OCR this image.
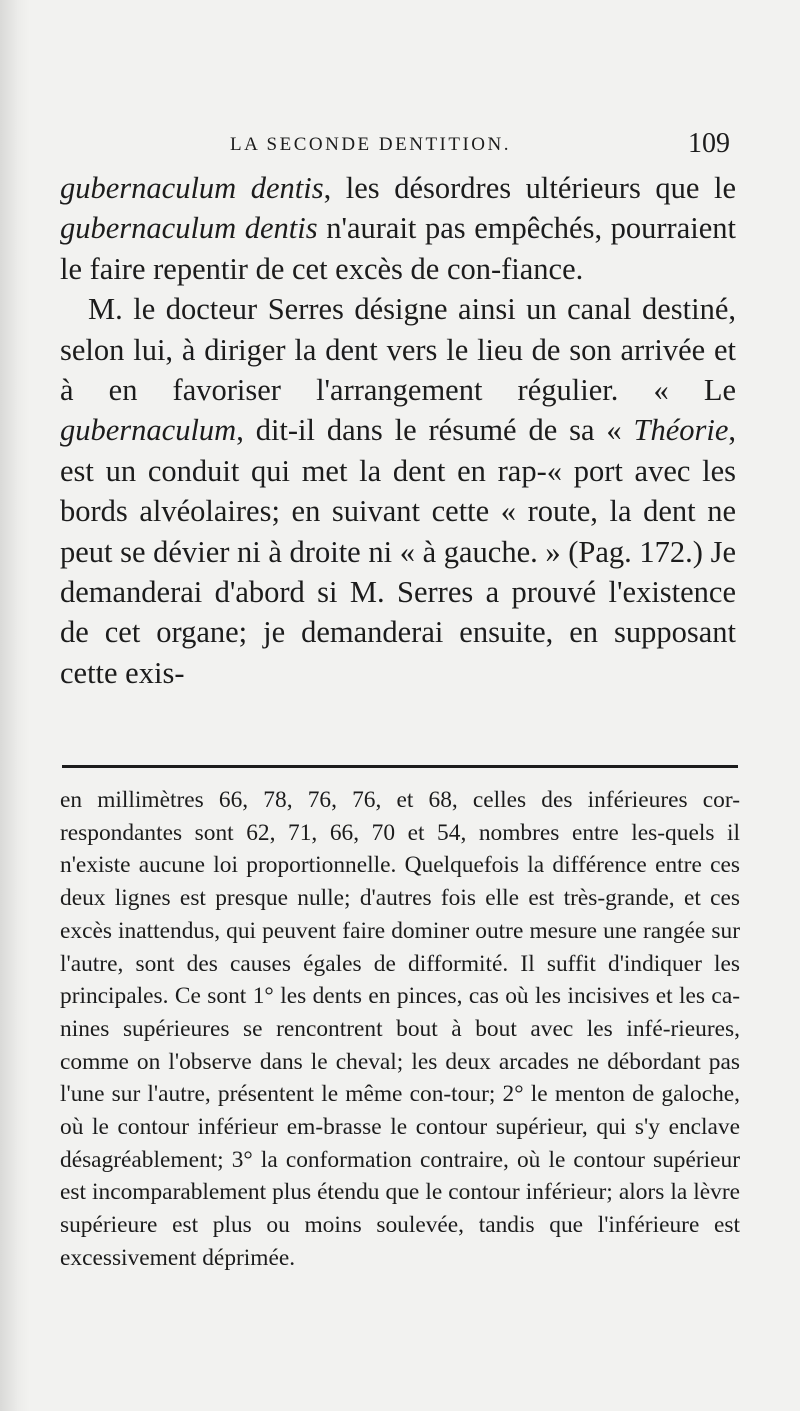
LA SECONDE DENTITION.	109

gubernaculum dentis, les désordres ultérieurs que le gubernaculum dentis n'aurait pas empêchés, pourraient le faire repentir de cet excès de con-fiance.

M. le docteur Serres désigne ainsi un canal destiné, selon lui, à diriger la dent vers le lieu de son arrivée et à en favoriser l'arrangement régulier. « Le gubernaculum, dit-il dans le résumé de sa « Théorie, est un conduit qui met la dent en rap-« port avec les bords alvéolaires; en suivant cette « route, la dent ne peut se dévier ni à droite ni « à gauche. » (Pag. 172.) Je demanderai d'abord si M. Serres a prouvé l'existence de cet organe; je demanderai ensuite, en supposant cette exis-

en millimètres 66, 78, 76, 76, et 68, celles des inférieures cor-respondantes sont 62, 71, 66, 70 et 54, nombres entre les-quels il n'existe aucune loi proportionnelle. Quelquefois la différence entre ces deux lignes est presque nulle; d'autres fois elle est très-grande, et ces excès inattendus, qui peuvent faire dominer outre mesure une rangée sur l'autre, sont des causes égales de difformité. Il suffit d'indiquer les principales. Ce sont 1° les dents en pinces, cas où les incisives et les ca-nines supérieures se rencontrent bout à bout avec les infé-rieures, comme on l'observe dans le cheval; les deux arcades ne débordant pas l'une sur l'autre, présentent le même con-tour; 2° le menton de galoche, où le contour inférieur em-brasse le contour supérieur, qui s'y enclave désagréablement; 3° la conformation contraire, où le contour supérieur est incomparablement plus étendu que le contour inférieur; alors la lèvre supérieure est plus ou moins soulevée, tandis que l'inférieure est excessivement déprimée.
